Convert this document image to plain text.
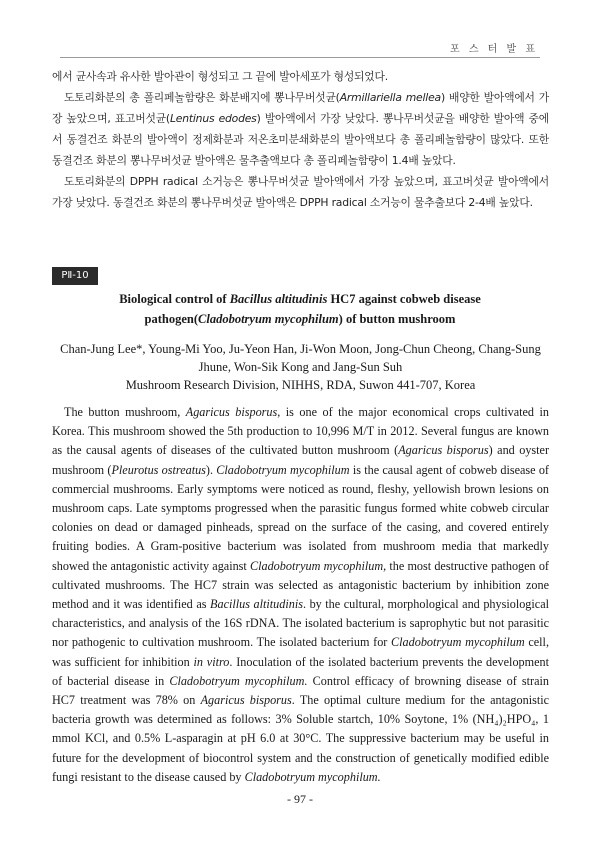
포 스 터 발 표

에서 균사속과 유사한 발아관이 형성되고 그 끝에 발아세포가 형성되었다.

도토리화분의 총 폴리페놀함량은 화분배지에 뽕나무버섯균(Armillariella mellea) 배양한 발아액에서 가장 높았으며, 표고버섯균(Lentinus edodes) 발아액에서 가장 낮았다. 뽕나무버섯균을 배양한 발아액 중에서 동결건조 화분의 발아액이 정제화분과 저온초미분쇄화분의 발아액보다 총 폴리페놀함량이 많았다. 또한 동결건조 화분의 뽕나무버섯균 발아액은 물추출액보다 총 폴리페놀함량이 1.4배 높았다.

도토리화분의 DPPH radical 소거능은 뽕나무버섯균 발아액에서 가장 높았으며, 표고버섯균 발아액에서 가장 낮았다. 동결건조 화분의 뽕나무버섯균 발아액은 DPPH radical 소거능이 물추출보다 2-4배 높았다.

PⅡ-10
Biological control of Bacillus altitudinis HC7 against cobweb disease
pathogen(Cladobotryum mycophilum) of button mushroom
Chan-Jung Lee*, Young-Mi Yoo, Ju-Yeon Han, Ji-Won Moon, Jong-Chun Cheong, Chang-Sung Jhune, Won-Sik Kong and Jang-Sun Suh
Mushroom Research Division, NIHHS, RDA, Suwon 441-707, Korea

The button mushroom, Agaricus bisporus, is one of the major economical crops cultivated in Korea. This mushroom showed the 5th production to 10,996 M/T in 2012. Several fungus are known as the causal agents of diseases of the cultivated button mushroom (Agaricus bisporus) and oyster mushroom (Pleurotus ostreatus). Cladobotryum mycophilum is the causal agent of cobweb disease of commercial mushrooms. Early symptoms were noticed as round, fleshy, yellowish brown lesions on mushroom caps. Late symptoms progressed when the parasitic fungus formed white cobweb circular colonies on dead or damaged pinheads, spread on the surface of the casing, and covered entirely fruiting bodies. A Gram-positive bacterium was isolated from mushroom media that markedly showed the antagonistic activity against Cladobotryum mycophilum, the most destructive pathogen of cultivated mushrooms. The HC7 strain was selected as antagonistic bacterium by inhibition zone method and it was identified as Bacillus altitudinis. by the cultural, morphological and physiological characteristics, and analysis of the 16S rDNA. The isolated bacterium is saprophytic but not parasitic nor pathogenic to cultivation mushroom. The isolated bacterium for Cladobotryum mycophilum cell, was sufficient for inhibition in vitro. Inoculation of the isolated bacterium prevents the development of bacterial disease in Cladobotryum mycophilum. Control efficacy of browning disease of strain HC7 treatment was 78% on Agaricus bisporus. The optimal culture medium for the antagonistic bacteria growth was determined as follows: 3% Soluble startch, 10% Soytone, 1% (NH₄)₂HPO₄, 1 mmol KCl, and 0.5% L-asparagin at pH 6.0 at 30°C. The suppressive bacterium may be useful in future for the development of biocontrol system and the construction of genetically modified edible fungi resistant to the disease caused by Cladobotryum mycophilum.

- 97 -
